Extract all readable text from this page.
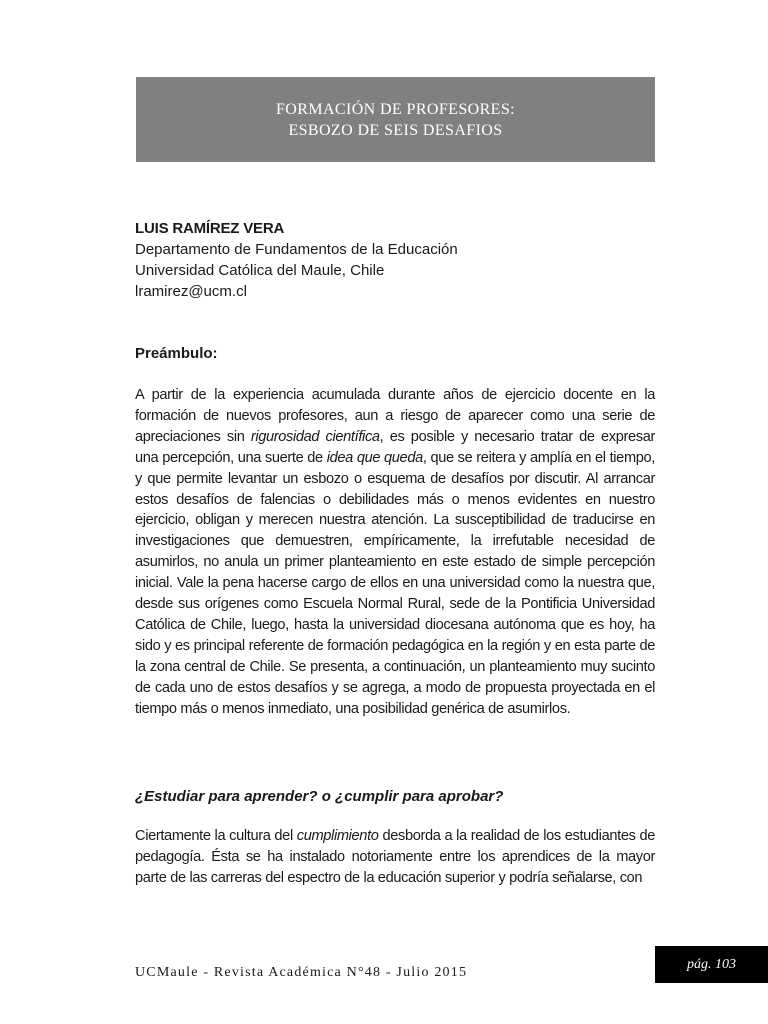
FORMACIÓN DE PROFESORES:
ESBOZO DE SEIS DESAFIOS
LUIS RAMÍREZ VERA
Departamento de Fundamentos de la Educación
Universidad Católica del Maule, Chile
lramirez@ucm.cl
Preámbulo:
A partir de la experiencia acumulada durante años de ejercicio docente en la formación de nuevos profesores, aun a riesgo de aparecer como una serie de apreciaciones sin rigurosidad científica, es posible y necesario tratar de expresar una percepción, una suerte de idea que queda, que se reitera y amplía en el tiempo, y que permite levantar un esbozo o esquema de desafíos por discutir. Al arrancar estos desafíos de falencias o debilidades más o menos evidentes en nuestro ejercicio, obligan y merecen nuestra atención. La susceptibilidad de traducirse en investigaciones que demuestren, empíricamente, la irrefutable necesidad de asumirlos, no anula un primer planteamiento en este estado de simple percepción inicial. Vale la pena hacerse cargo de ellos en una universidad como la nuestra que, desde sus orígenes como Escuela Normal Rural, sede de la Pontificia Universidad Católica de Chile, luego, hasta la universidad diocesana autónoma que es hoy, ha sido y es principal referente de formación pedagógica en la región y en esta parte de la zona central de Chile. Se presenta, a continuación, un planteamiento muy sucinto de cada uno de estos desafíos y se agrega, a modo de propuesta proyectada en el tiempo más o menos inmediato, una posibilidad genérica de asumirlos.
¿Estudiar para aprender? o ¿cumplir para aprobar?
Ciertamente la cultura del cumplimiento desborda a la realidad de los estudiantes de pedagogía. Ésta se ha instalado notoriamente entre los aprendices de la mayor parte de las carreras del espectro de la educación superior y podría señalarse, con
UCMaule - Revista Académica N°48 - Julio 2015
pág. 103
